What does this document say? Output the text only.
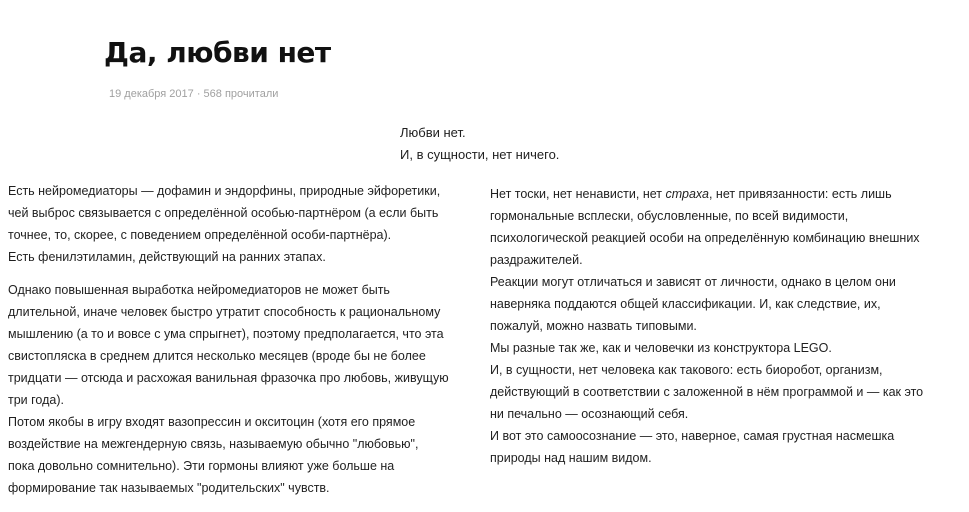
Да, любви нет
19 декабря 2017 · 568 прочитали
Любви нет.
И, в сущности, нет ничего.
Есть нейромедиаторы — дофамин и эндорфины, природные эйфоретики,
чей выброс связывается с определённой особью-партнёром (а если быть
точнее, то, скорее, с поведением определённой особи-партнёра).
Есть фенилэтиламин, действующий на ранних этапах.
Однако повышенная выработка нейромедиаторов не может быть
длительной, иначе человек быстро утратит способность к рациональному
мышлению (а то и вовсе с ума спрыгнет), поэтому предполагается, что эта
свистопляска в среднем длится несколько месяцев (вроде бы не более
тридцати — отсюда и расхожая ванильная фразочка про любовь, живущую
три года).
Потом якобы в игру входят вазопрессин и окситоцин (хотя его прямое
воздействие на межгендерную связь, называемую обычно "любовью",
пока довольно сомнительно). Эти гормоны влияют уже больше на
формирование так называемых "родительских" чувств.
Нет тоски, нет ненависти, нет страха, нет привязанности: есть лишь
гормональные всплески, обусловленные, по всей видимости,
психологической реакцией особи на определённую комбинацию внешних
раздражителей.
Реакции могут отличаться и зависят от личности, однако в целом они
наверняка поддаются общей классификации. И, как следствие, их,
пожалуй, можно назвать типовыми.
Мы разные так же, как и человечки из конструктора LEGO.
И, в сущности, нет человека как такового: есть биоробот, организм,
действующий в соответствии с заложенной в нём программой и — как это
ни печально — осознающий себя.
И вот это самоосознание — это, наверное, самая грустная насмешка
природы над нашим видом.
